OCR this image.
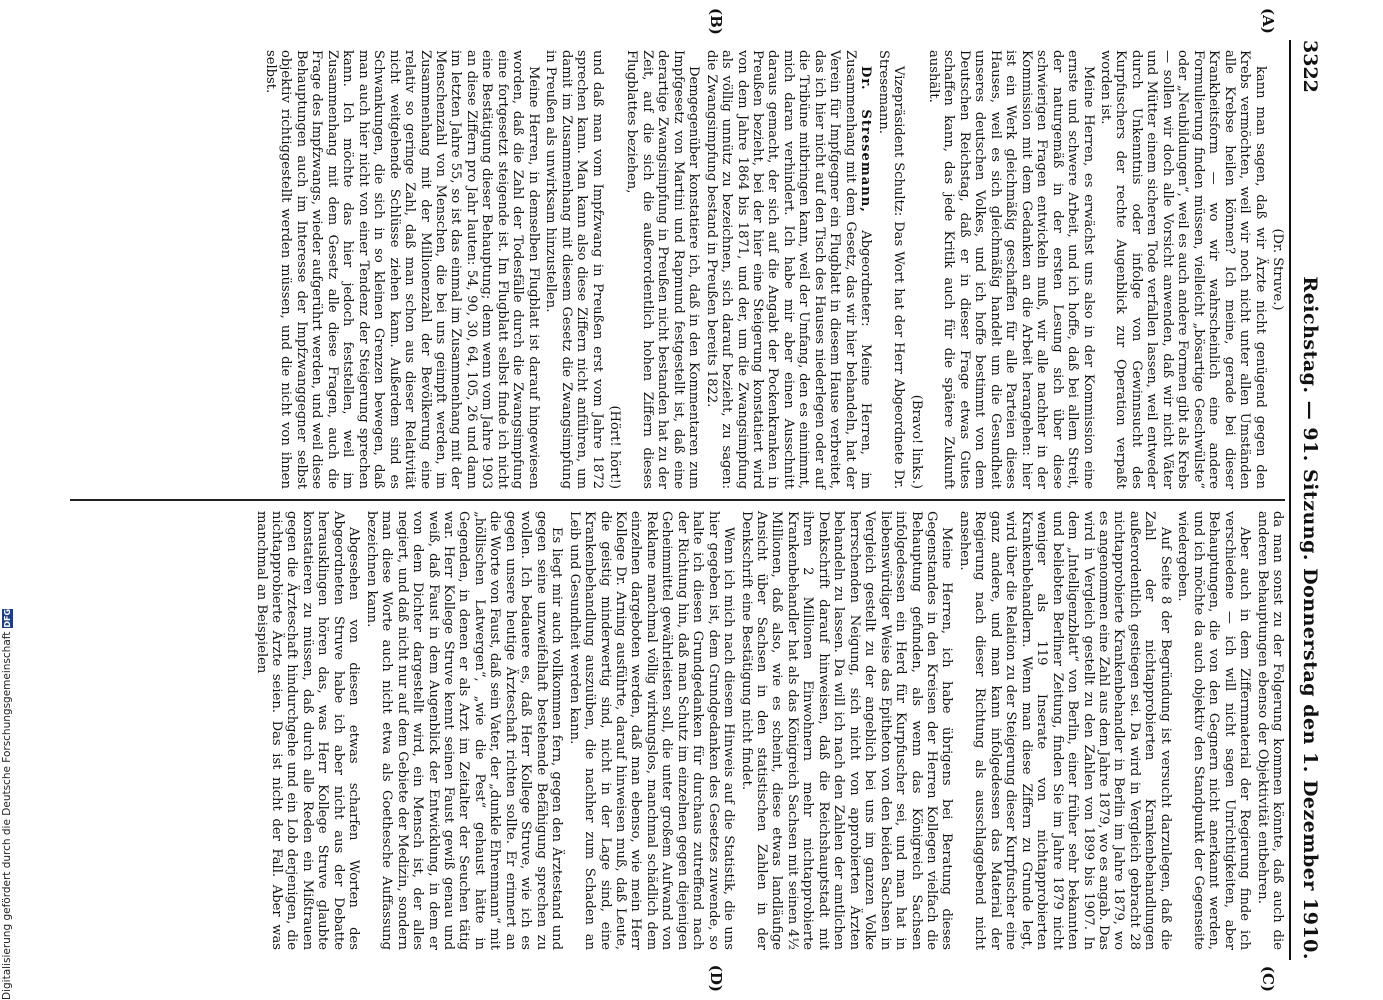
3322
Reichstag. — 91. Sitzung. Donnerstag den 1. Dezember 1910.

(Dr. Struve.)

kann man sagen, daß wir Ärzte nicht genügend gegen den Krebs vermöchten, weil wir noch nicht unter allen Umständen alle Krebse heilen können? Ich meine, gerade bei dieser Krankheitsform — wo wir wahrscheinlich eine andere Formulierung finden müssen, vielleicht „bösartige Geschwülste“ oder „Neubildungen“, weil es auch andere Formen gibt als Krebs — sollen wir doch alle Vorsicht anwenden, daß wir nicht Väter und Mütter einem sicheren Tode verfallen lassen, weil entweder durch Unkenntnis oder infolge von Gewinnsucht des Kurpfuschers der rechte Augenblick zur Operation verpaßt worden ist.

Meine Herren, es erwächst uns also in der Kommission eine ernste und schwere Arbeit, und ich hoffe, daß bei allem Streit, der naturgemäß in der ersten Lesung sich über diese schwierigen Fragen entwickeln muß, wir alle nachher in der Kommission mit dem Gedanken an die Arbeit herangehen: hier ist ein Werk gleichmäßig geschaffen für alle Parteien dieses Hauses, weil es sich gleichmäßig handelt um die Gesundheit unseres deutschen Volkes, und ich hoffe bestimmt von dem Deutschen Reichstag, daß er in dieser Frage etwas Gutes schaffen kann, das jede Kritik auch für die spätere Zukunft aushält.

(Bravo! links.)

Vizepräsident Schultz: Das Wort hat der Herr Abgeordnete Dr. Stresemann.

Dr. Stresemann, Abgeordneter: Meine Herren, im Zusammenhang mit dem Gesetz, das wir hier behandeln, hat der Verein für Impfgegner ein Flugblatt in diesem Hause verbreitet, das ich hier nicht auf den Tisch des Hauses niederlegen oder auf die Tribüne mitbringen kann, weil der Umfang, den es einnimmt, mich daran verhindert. Ich habe mir aber einen Ausschnitt daraus gemacht, der sich auf die Angabt der Pockenkranken in Preußen bezieht, bei der hier eine Steigerung konstatiert wird von dem Jahre 1864 bis 1871, und der, um die Zwangsimpfung als völlig unnütz zu bezeichnen, sich darauf bezieht, zu sagen: die Zwangsimpfung bestand in Preußen bereits 1822.

Demgegenüber konstatiere ich, daß in den Kommentaren zum Impfgesetz von Martini und Rapmund festgestellt ist, daß eine derartige Zwangsimpfung in Preußen nicht bestanden hat zu der Zeit, auf die sich die außerordentlich hohen Ziffern dieses Flugblattes beziehen,

(Hört! hört!)

und daß man vom Impfzwang in Preußen erst vom Jahre 1872 sprechen kann. Man kann also diese Ziffern nicht anführen, um damit im Zusammenhang mit diesem Gesetz die Zwangsimpfung in Preußen als unwirksam hinzustellen.

Meine Herren, in demselben Flugblatt ist darauf hingewiesen worden, daß die Zahl der Todesfälle durch die Zwangsimpfung eine fortgesetzt steigende ist. Im Flugblatt selbst finde ich nicht eine Bestätigung dieser Behauptung; denn wenn vom Jahre 1903 an diese Ziffern pro Jahr lauten: 54, 90, 30, 64, 105, 26 und dann im letzten Jahre 55, so ist das einmal im Zusammenhang mit der Menschenzahl von Menschen, die bei uns geimpft werden, im Zusammenhang mit der Millionenzahl der Bevölkerung eine relativ so geringe Zahl, daß man schon aus dieser Relativität nicht weitgehende Schlüsse ziehen kann. Außerdem sind es Schwankungen, die sich in so kleinen Grenzen bewegen, daß man auch hier nicht von einer Tendenz der Steigerung sprechen kann. Ich möchte das hier jedoch feststellen, weil im Zusammenhang mit dem Gesetz alle diese Fragen, auch die Frage des Impfzwangs, wieder aufgerührt werden, und weil diese Behauptungen auch im Interesse der Impfzwanggegner selbst objektiv richtiggestellt werden müssen, und die nicht von ihnen selbst.

da man sonst zu der Folgerung kommen könnte, daß auch die anderen Behauptungen ebenso der Objektivität entbehren.

Aber auch in dem Ziffernmaterial der Regierung finde ich verschiedene — ich will nicht sagen Unrichtigkeiten, aber Behauptungen, die von den Gegnern nicht anerkannt werden, und ich möchte da auch objektiv den Standpunkt der Gegenseite wiedergeben.

Auf Seite 8 der Begründung ist versucht darzulegen, daß die Zahl der nichtapprobierten Krankenbehandlungen außerordentlich gestiegen sei. Da wird in Vergleich gebracht 28 nichtapprobierte Krankenbehandler in Berlin im Jahre 1879, wo es angenommen eine Zahl aus dem Jahre 1879, wo es angab. Das wird in Vergleich gestellt zu den Zahlen von 1899 bis 1907. In dem „Intelligenzblatt“ von Berlin, einer früher sehr bekannten und beliebten Berliner Zeitung, finden Sie im Jahre 1879 nicht weniger als 119 Inserate von nichtapprobierten Krankenbehandlern. Wenn man diese Ziffern zu Grunde legt, wird über die Relation zu der Steigerung dieser Kurpfuscher eine ganz andere, und man kann infolgedessen das Material der Regierung nach dieser Richtung als ausschlaggebend nicht ansehen.

Meine Herren, ich habe übrigens bei Beratung dieses Gegenstandes in den Kreisen der Herren Kollegen vielfach die Behauptung gefunden, als wenn das Königreich Sachsen infolgedessen ein Herd für Kurpfuscher sei, und man hat in liebenswürdiger Weise das Epitheton von den beiden Sachsen in Vergleich gestellt zu der angeblich bei uns im ganzen Volke herrschenden Neigung, sich nicht von approbierten Ärzten behandeln zu lassen. Da will ich nach den Zahlen der amtlichen Denkschrift darauf hinweisen, daß die Reichshauptstadt mit ihren 2 Millionen Einwohnern mehr nichtapprobierte Krankenbehandler hat als das Königreich Sachsen mit seinen 4½ Millionen, daß also, wie es scheint, diese etwas landläufige Ansicht über Sachsen in den statistischen Zahlen in der Denkschrift eine Bestätigung nicht findet.

Wenn ich mich nach diesem Hinweis auf die Statistik, die uns hier gegeben ist, dem Grundgedanken des Gesetzes zuwende, so halte ich diesen Grundgedanken für durchaus zutreffend nach der Richtung hin, daß man Schutz im einzelnen gegen diejenigen Geheimmittel gewährleisten soll, die unter großem Aufwand von Reklame manchmal völlig wirkungslos, manchmal schädlich dem einzelnen dargeboten werden, daß man ebenso, wie mein Herr Kollege Dr. Arning ausführte, darauf hinweisen muß, daß Leute, die geistig minderwertig sind, nicht in der Lage sind, eine Krankenbehandlung auszuüben, die nachher zum Schaden an Leib und Gesundheit werden kann.

Es liegt mir auch vollkommen fern, gegen den Ärztestand und gegen seine unzweifelhaft bestehende Befähigung sprechen zu wollen. Ich bedauere es, daß Herr Kollege Struve, wie ich es gegen unsere heutige Ärzteschaft richten sollte. Er erinnert an die Worte von Faust, daß sein Vater, der „dunkle Ehrenmann“ mit „höllischen Latwergen“, „wie die Pest“ gehaust hätte in Gegenden, in denen er als Arzt im Zeitalter der Seuchen tätig war. Herr Kollege Struve kennt seinen Faust gewiß genau und weiß, daß Faust in dem Augenblick der Entwicklung, in dem er von dem Dichter dargestellt wird, ein Mensch ist, der alles negiert, und daß nicht nur auf dem Gebiete der Medizin, sondern man diese Worte auch nicht etwa als Goethesche Auffassung bezeichnen kann.

Abgesehen von diesen etwas scharfen Worten des Abgeordneten Struve habe ich aber nicht aus der Debatte herausklingen hören das, was Herr Kollege Struve glaubte konstatieren zu müssen, daß durch alle Reden ein Mißtrauen gegen die Ärzteschaft hindurchgehe und ein Lob derjenigen, die nichtapprobierte Ärzte seien. Das ist nicht der Fall. Aber was manchmal an Beispielen

(A)
(B)
(C)
(D)
Digitalisierung gefördert durch die Deutsche Forschungsgemeinschaft
DFG
